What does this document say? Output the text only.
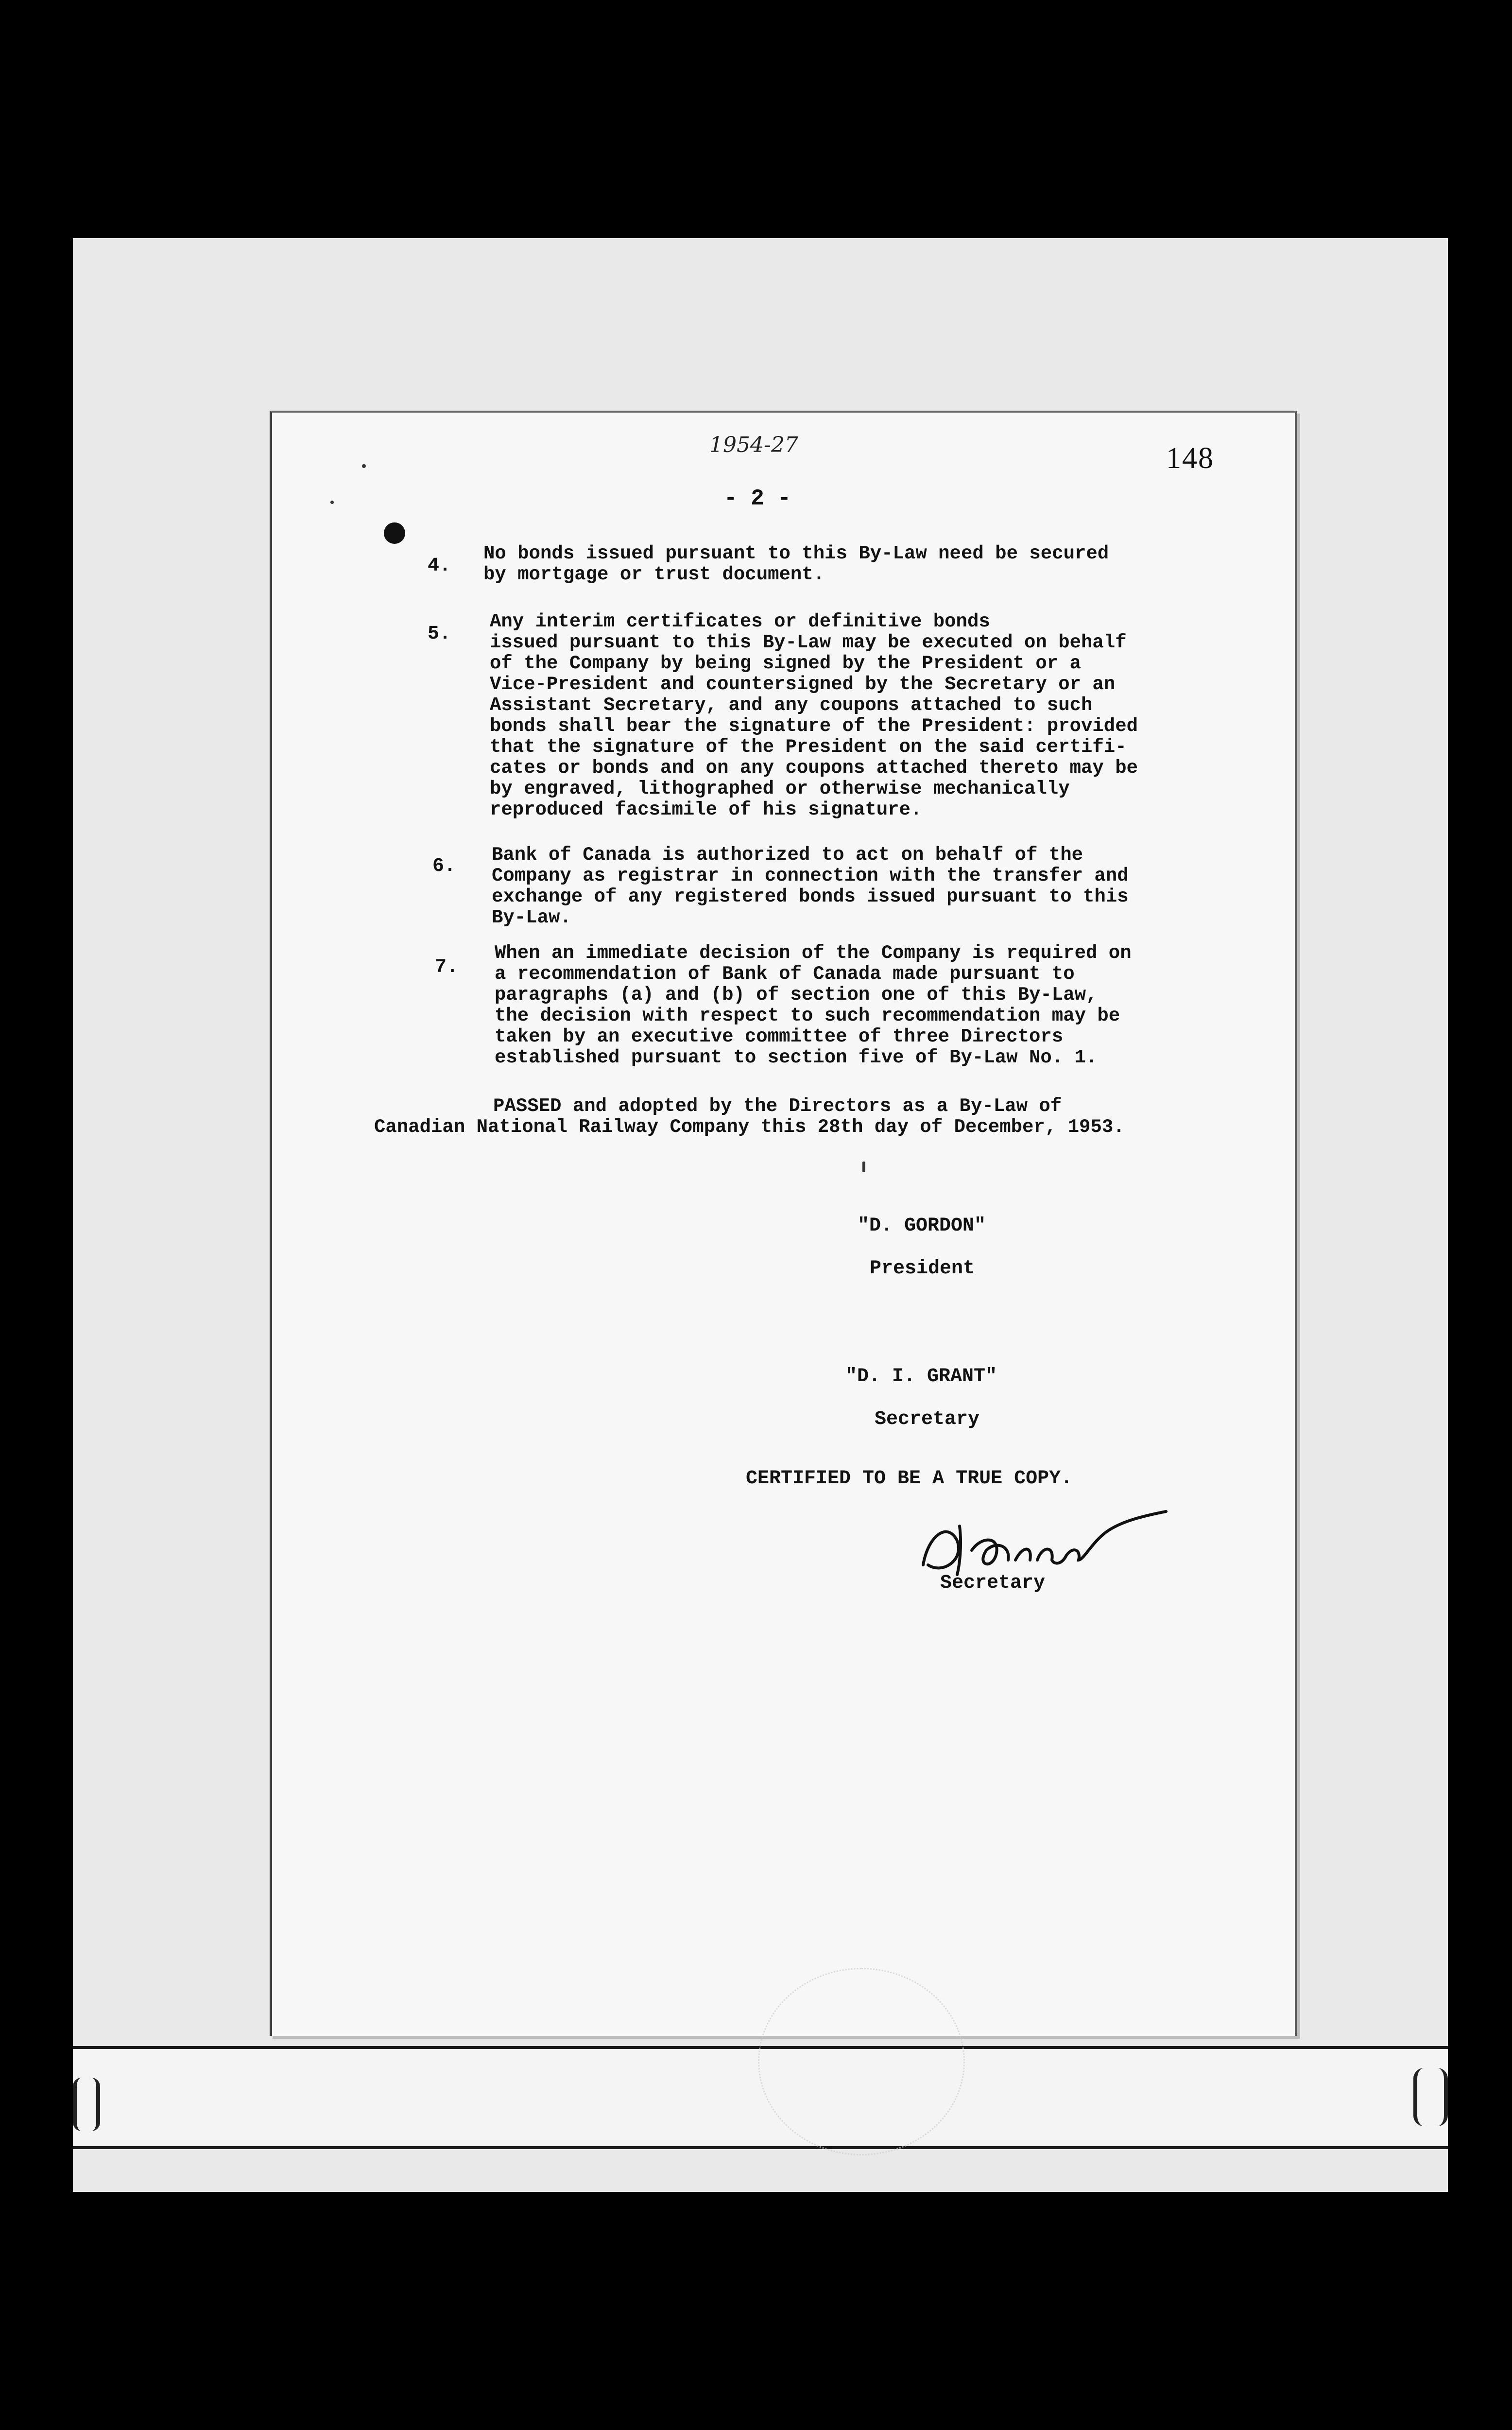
1954-27	148
- 2 -
4.
No bonds issued pursuant to this By-Law need be secured
by mortgage or trust document.
5.
Any interim certificates or definitive bonds
issued pursuant to this By-Law may be executed on behalf
of the Company by being signed by the President or a
Vice-President and countersigned by the Secretary or an
Assistant Secretary, and any coupons attached to such
bonds shall bear the signature of the President: provided
that the signature of the President on the said certifi-
cates or bonds and on any coupons attached thereto may be
by engraved, lithographed or otherwise mechanically
reproduced facsimile of his signature.
6.
Bank of Canada is authorized to act on behalf of the
Company as registrar in connection with the transfer and
exchange of any registered bonds issued pursuant to this
By-Law.
7.
When an immediate decision of the Company is required on
a recommendation of Bank of Canada made pursuant to
paragraphs (a) and (b) of section one of this By-Law,
the decision with respect to such recommendation may be
taken by an executive committee of three Directors
established pursuant to section five of By-Law No. 1.
PASSED and adopted by the Directors as a By-Law of
Canadian National Railway Company this 28th day of December, 1953.
"D. GORDON"
President
"D. I. GRANT"
Secretary
CERTIFIED TO BE A TRUE COPY.
Secretary
